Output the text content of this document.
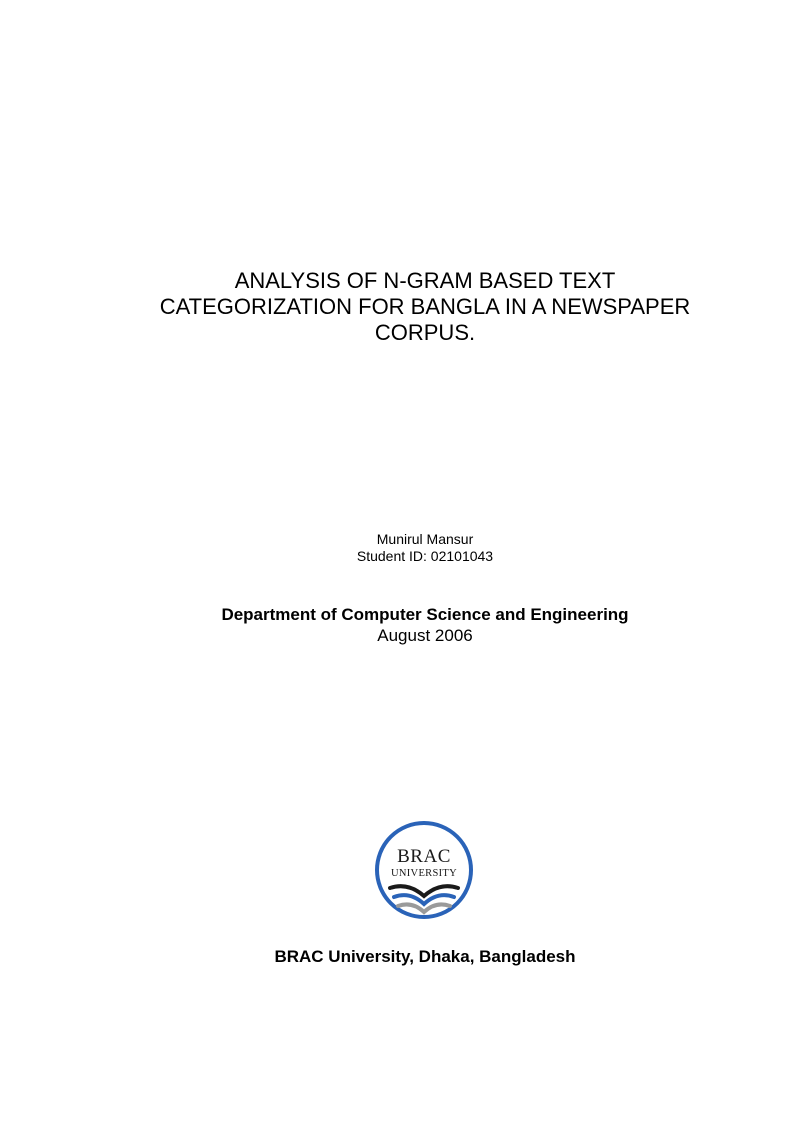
ANALYSIS OF N-GRAM BASED TEXT
CATEGORIZATION FOR BANGLA IN A NEWSPAPER
CORPUS.
Munirul Mansur
Student ID: 02101043
Department of Computer Science and Engineering
August 2006
BRAC
UNIVERSITY
BRAC University, Dhaka, Bangladesh
